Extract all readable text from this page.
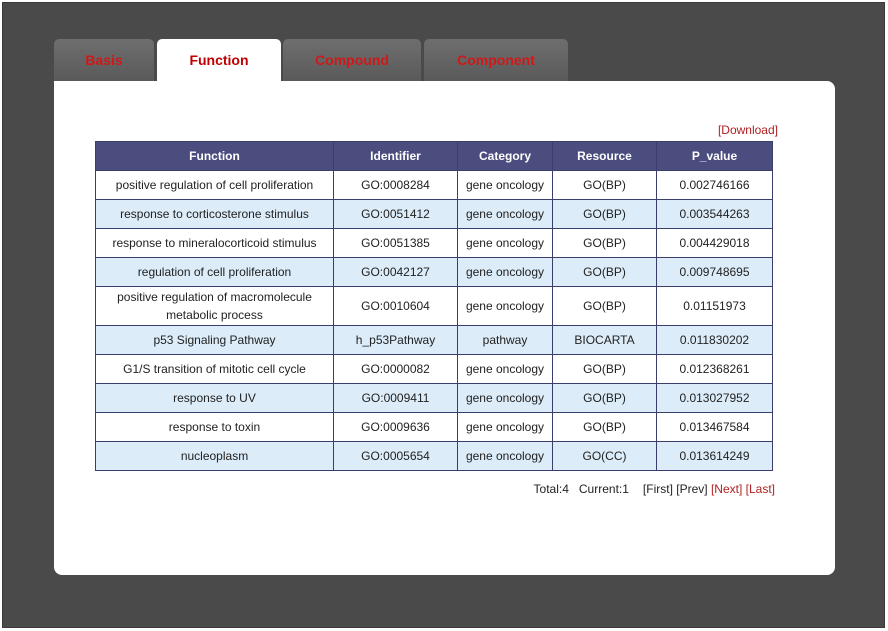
Basis	Function	Compound	Component
[Download]
Function	Identifier	Category	Resource	P_value
positive regulation of cell proliferation	GO:0008284	gene oncology	GO(BP)	0.002746166
response to corticosterone stimulus	GO:0051412	gene oncology	GO(BP)	0.003544263
response to mineralocorticoid stimulus	GO:0051385	gene oncology	GO(BP)	0.004429018
regulation of cell proliferation	GO:0042127	gene oncology	GO(BP)	0.009748695
positive regulation of macromolecule metabolic process	GO:0010604	gene oncology	GO(BP)	0.01151973
p53 Signaling Pathway	h_p53Pathway	pathway	BIOCARTA	0.011830202
G1/S transition of mitotic cell cycle	GO:0000082	gene oncology	GO(BP)	0.012368261
response to UV	GO:0009411	gene oncology	GO(BP)	0.013027952
response to toxin	GO:0009636	gene oncology	GO(BP)	0.013467584
nucleoplasm	GO:0005654	gene oncology	GO(CC)	0.013614249
Total:4 Current:1 [First] [Prev] [Next] [Last]
